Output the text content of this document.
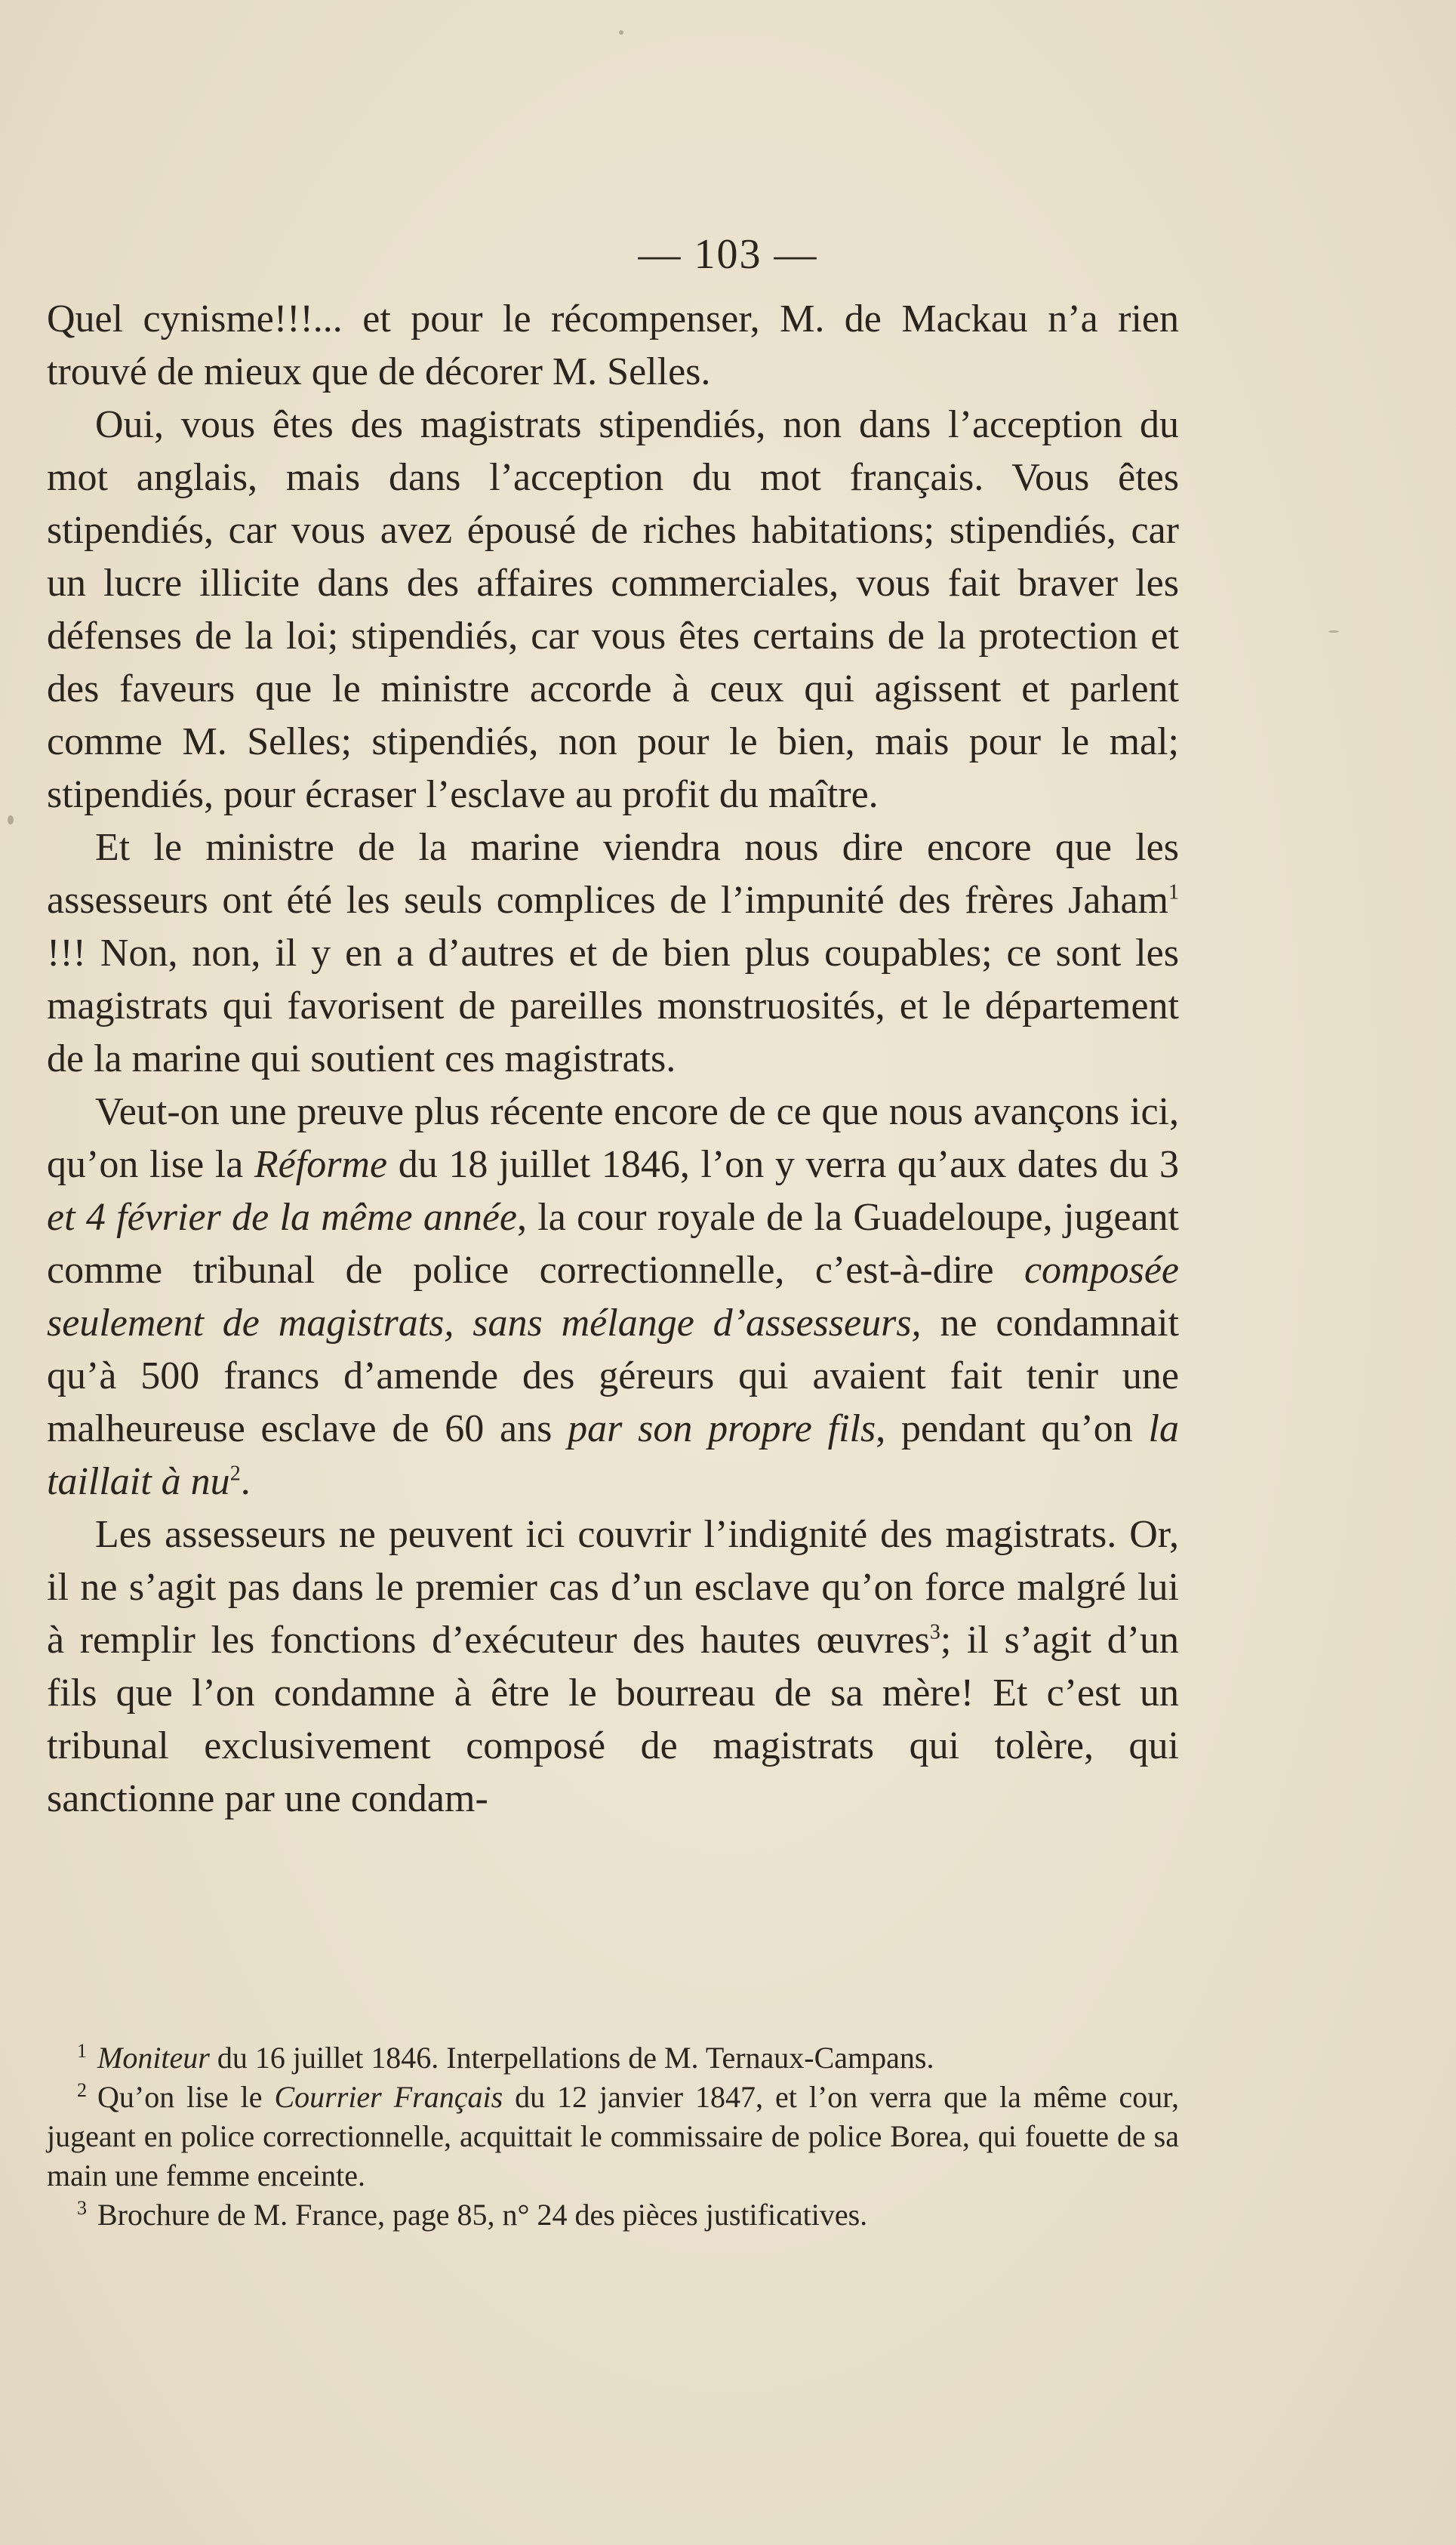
— 103 —

Quel cynisme!!!... et pour le récompenser, M. de Mackau n’a rien trouvé de mieux que de décorer M. Selles.

Oui, vous êtes des magistrats stipendiés, non dans l’acception du mot anglais, mais dans l’acception du mot français. Vous êtes stipendiés, car vous avez épousé de riches habitations; stipendiés, car un lucre illicite dans des affaires commerciales, vous fait braver les défenses de la loi; stipendiés, car vous êtes certains de la protection et des faveurs que le ministre accorde à ceux qui agissent et parlent comme M. Selles; stipendiés, non pour le bien, mais pour le mal; stipendiés, pour écraser l’esclave au profit du maître.

Et le ministre de la marine viendra nous dire encore que les assesseurs ont été les seuls complices de l’impunité des frères Jaham$^1$ !!! Non, non, il y en a d’autres et de bien plus coupables; ce sont les magistrats qui favorisent de pareilles monstruosités, et le département de la marine qui soutient ces magistrats.

Veut-on une preuve plus récente encore de ce que nous avançons ici, qu’on lise la Réforme du 18 juillet 1846, l’on y verra qu’aux dates du 3 et 4 février de la même année, la cour royale de la Guadeloupe, jugeant comme tribunal de police correctionnelle, c’est-à-dire composée seulement de magistrats, sans mélange d’assesseurs, ne condamnait qu’à 500 francs d’amende des géreurs qui avaient fait tenir une malheureuse esclave de 60 ans par son propre fils, pendant qu’on la taillait à $nu^2$.

Les assesseurs ne peuvent ici couvrir l’indignité des magistrats. Or, il ne s’agit pas dans le premier cas d’un esclave qu’on force malgré lui à remplir les fonctions d’exécuteur des hautes œuvres$^3$; il s’agit d’un fils que l’on condamne à être le bourreau de sa mère! Et c’est un tribunal exclusivement composé de magistrats qui tolère, qui sanctionne par une condam-

$^1$ Moniteur du 16 juillet 1846. Interpellations de M. Ternaux-Campans.

$^2$ Qu’on lise le Courrier Français du 12 janvier 1847, et l’on verra que la même cour, jugeant en police correctionnelle, acquittait le commissaire de police Borea, qui fouette de sa main une femme enceinte.

$^3$ Brochure de M. France, page 85, n° 24 des pièces justificatives.
